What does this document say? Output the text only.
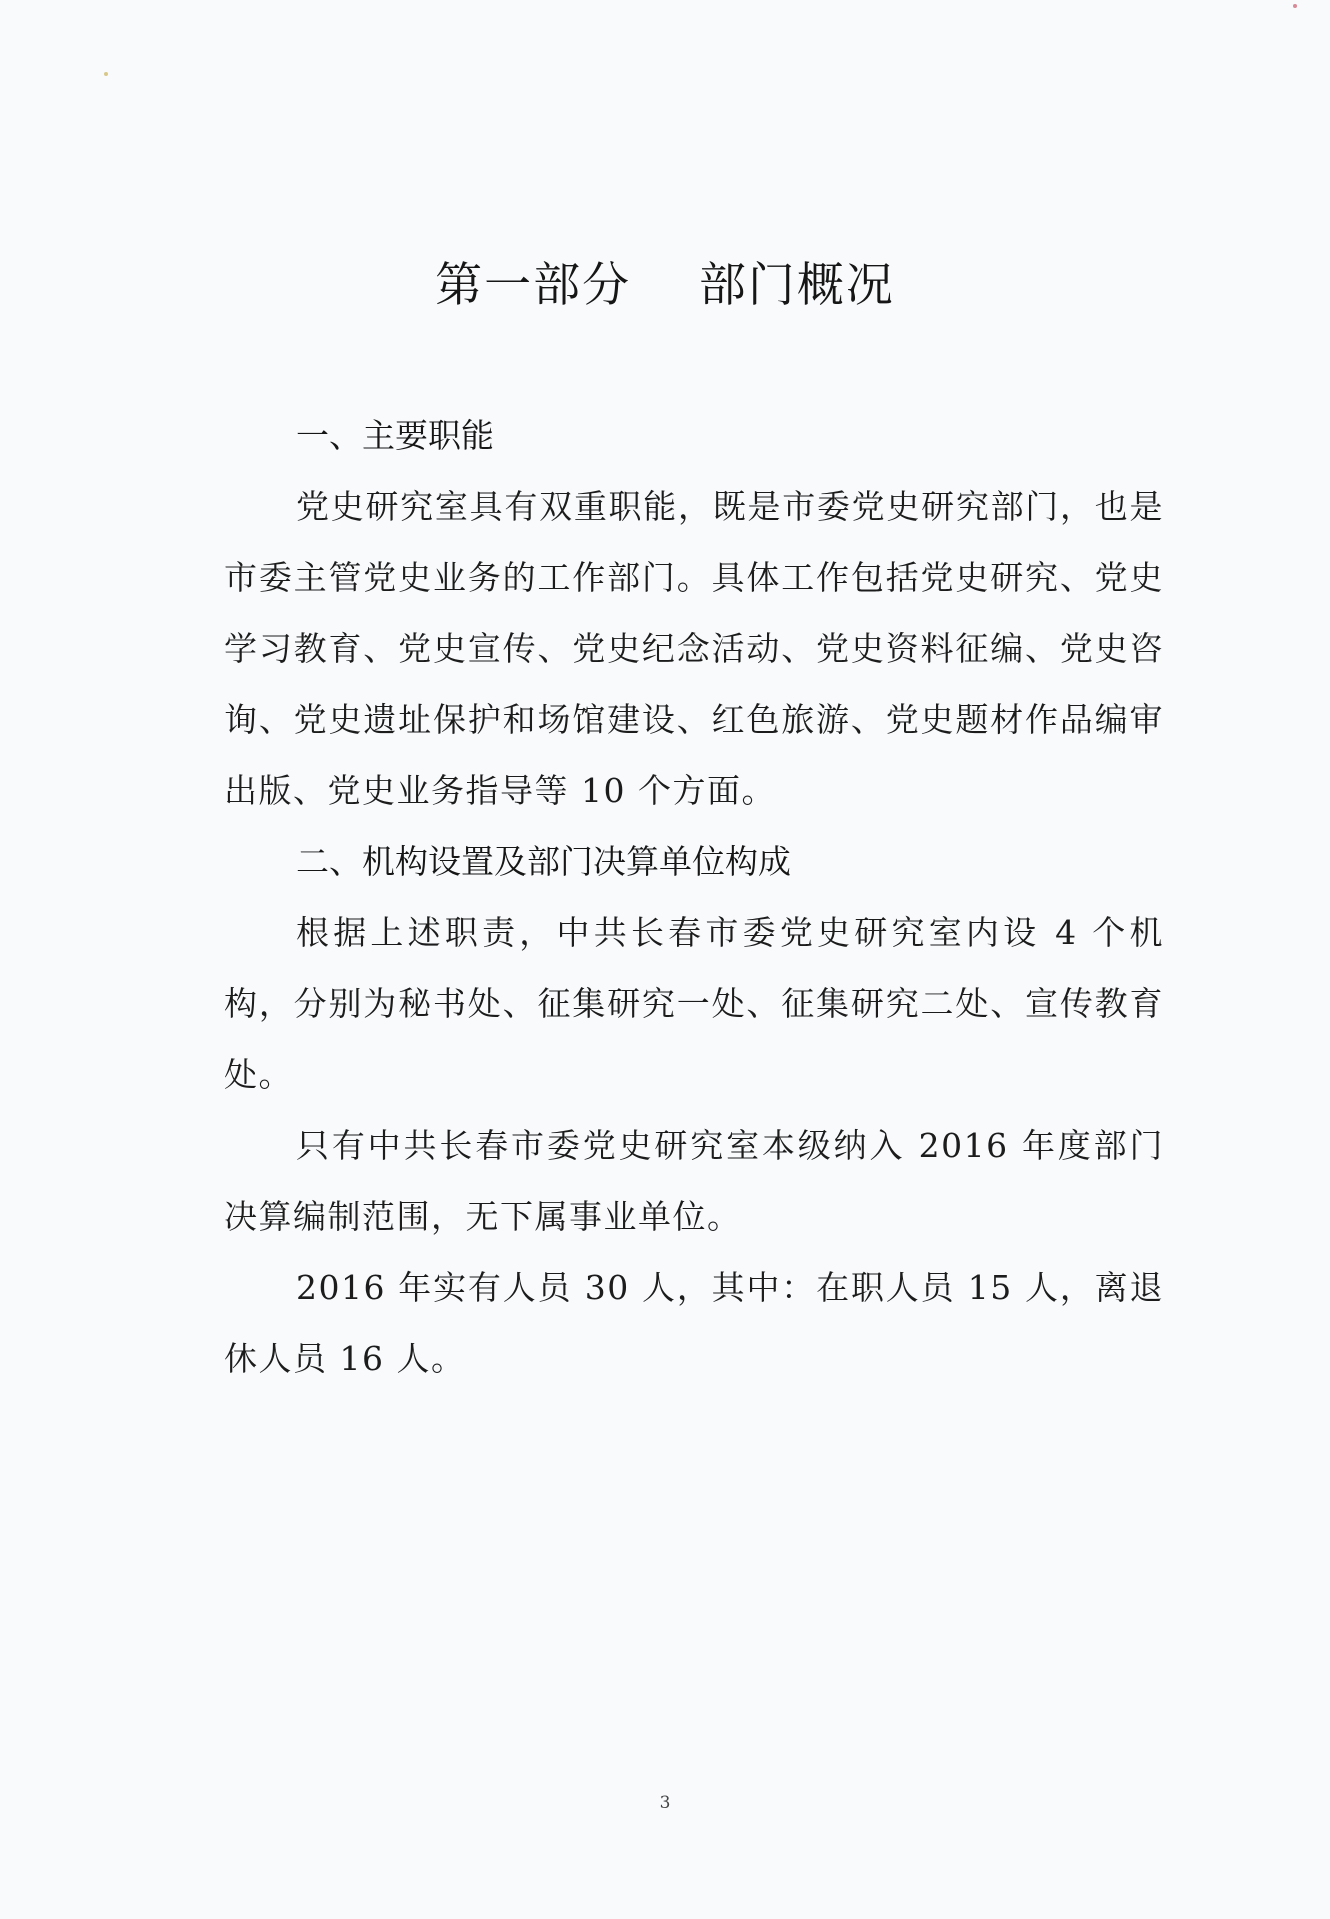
第一部分    部门概况
一、主要职能
党史研究室具有双重职能，既是市委党史研究部门，也是市委主管党史业务的工作部门。具体工作包括党史研究、党史学习教育、党史宣传、党史纪念活动、党史资料征编、党史咨询、党史遗址保护和场馆建设、红色旅游、党史题材作品编审出版、党史业务指导等 10 个方面。
二、机构设置及部门决算单位构成
根据上述职责，中共长春市委党史研究室内设 4 个机构，分别为秘书处、征集研究一处、征集研究二处、宣传教育处。
只有中共长春市委党史研究室本级纳入 2016 年度部门决算编制范围，无下属事业单位。
2016 年实有人员 30 人，其中：在职人员 15 人，离退休人员 16 人。
3
